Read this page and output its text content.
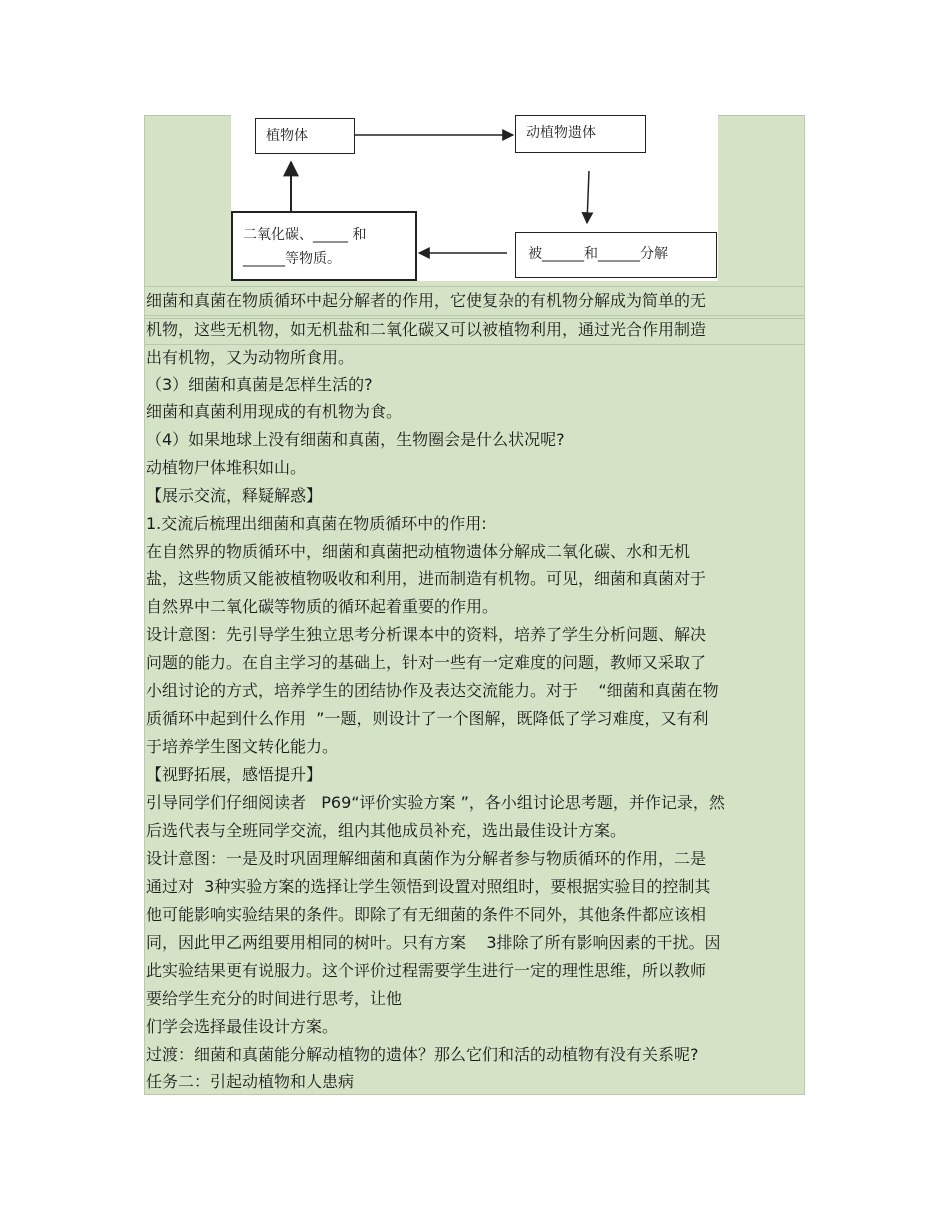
植物体	动植物遗体
被______和______分解
二氧化碳、_____ 和
______等物质。
细菌和真菌在物质循环中起分解者的作用，它使复杂的有机物分解成为简单的无
机物，这些无机物，如无机盐和二氧化碳又可以被植物利用，通过光合作用制造
出有机物，又为动物所食用。
（3）细菌和真菌是怎样生活的?
细菌和真菌利用现成的有机物为食。
（4）如果地球上没有细菌和真菌，生物圈会是什么状况呢?
动植物尸体堆积如山。
【展示交流，释疑解惑】
1.交流后梳理出细菌和真菌在物质循环中的作用:
在自然界的物质循环中，细菌和真菌把动植物遗体分解成二氧化碳、水和无机
盐，这些物质又能被植物吸收和利用，进而制造有机物。可见，细菌和真菌对于
自然界中二氧化碳等物质的循环起着重要的作用。
设计意图：先引导学生独立思考分析课本中的资料，培养了学生分析问题、解决
问题的能力。在自主学习的基础上，针对一些有一定难度的问题，教师又采取了
小组讨论的方式，培养学生的团结协作及表达交流能力。对于    “细菌和真菌在物
质循环中起到什么作用  ”一题，则设计了一个图解，既降低了学习难度，又有利
于培养学生图文转化能力。
【视野拓展，感悟提升】
引导同学们仔细阅读者   P69“评价实验方案 ”，各小组讨论思考题，并作记录，然
后选代表与全班同学交流，组内其他成员补充，选出最佳设计方案。
设计意图：一是及时巩固理解细菌和真菌作为分解者参与物质循环的作用，二是
通过对  3种实验方案的选择让学生领悟到设置对照组时，要根据实验目的控制其
他可能影响实验结果的条件。即除了有无细菌的条件不同外，其他条件都应该相
同，因此甲乙两组要用相同的树叶。只有方案    3排除了所有影响因素的干扰。因
此实验结果更有说服力。这个评价过程需要学生进行一定的理性思维，所以教师
要给学生充分的时间进行思考，让他
们学会选择最佳设计方案。
过渡：细菌和真菌能分解动植物的遗体？那么它们和活的动植物有没有关系呢?
任务二：引起动植物和人患病
